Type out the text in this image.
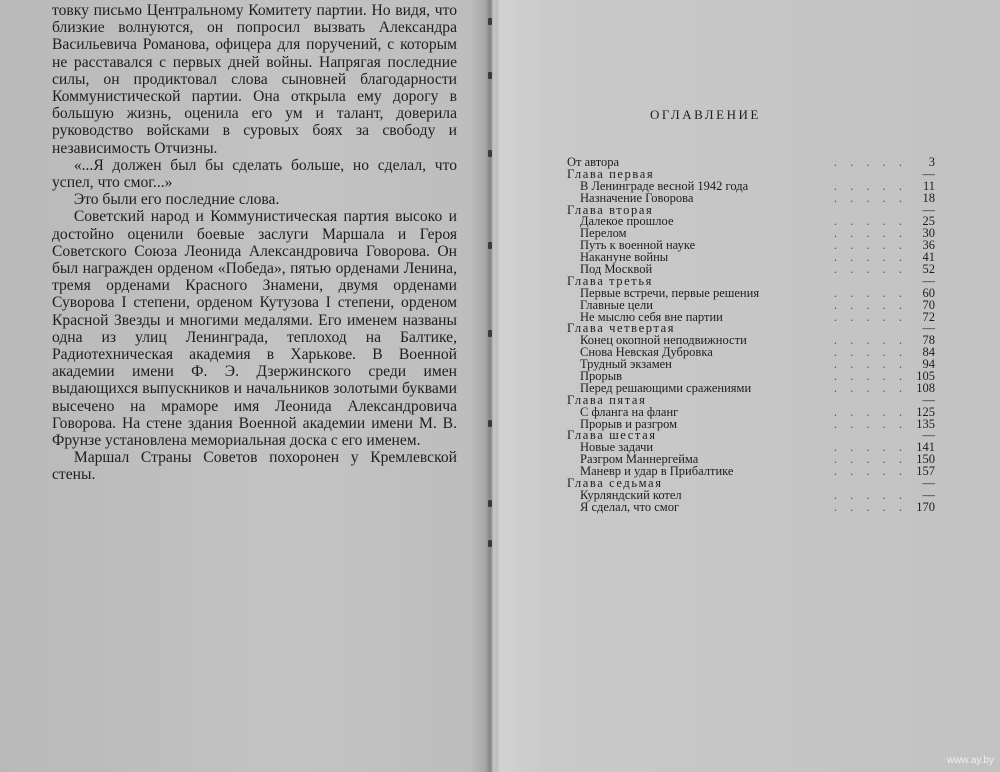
товку письмо Центральному Комитету партии. Но видя, что близкие волнуются, он попросил вызвать Александра Васильевича Романова, офицера для поручений, с которым не расставался с первых дней войны. Напрягая последние силы, он продиктовал слова сыновней благодарности Коммунистической партии. Она открыла ему дорогу в большую жизнь, оценила его ум и талант, доверила руководство войсками в суровых боях за свободу и независимость Отчизны.

«...Я должен был бы сделать больше, но сделал, что успел, что смог...»

Это были его последние слова.

Советский народ и Коммунистическая партия высоко и достойно оценили боевые заслуги Маршала и Героя Советского Союза Леонида Александровича Говорова. Он был награжден орденом «Победа», пятью орденами Ленина, тремя орденами Красного Знамени, двумя орденами Суворова I степени, орденом Кутузова I степени, орденом Красной Звезды и многими медалями. Его именем названы одна из улиц Ленинграда, теплоход на Балтике, Радиотехническая академия в Харькове. В Военной академии имени Ф. Э. Дзержинского среди имен выдающихся выпускников и начальников золотыми буквами высечено на мраморе имя Леонида Александровича Говорова. На стене здания Военной академии имени М. В. Фрунзе установлена мемориальная доска с его именем.

Маршал Страны Советов похоронен у Кремлевской стены.

ОГЛАВЛЕНИЕ
От автора	. . . . .	3
Глава первая	—
В Ленинграде весной 1942 года	. . . . .	11
Назначение Говорова	. . . . .	18
Глава вторая	—
Далекое прошлое	. . . . .	25
Перелом	. . . . .	30
Путь к военной науке	. . . . .	36
Накануне войны	. . . . .	41
Под Москвой	. . . . .	52
Глава третья	—
Первые встречи, первые решения	. . . . .	60
Главные цели	. . . . .	70
Не мыслю себя вне партии	. . . . .	72
Глава четвертая	—
Конец окопной неподвижности	. . . . .	78
Снова Невская Дубровка	. . . . .	84
Трудный экзамен	. . . . .	94
Прорыв	. . . . . 105
Перед решающими сражениями	. . . . . 108
Глава пятая	—
С фланга на фланг	. . . . . 125
Прорыв и разгром	. . . . . 135
Глава шестая	—
Новые задачи	. . . . . 141
Разгром Маннергейма	. . . . . 150
Маневр и удар в Прибалтике	. . . . . 157
Глава седьмая	—
Курляндский котел	. . . . .	—
Я сделал, что смог	. . . . . 170
www.ay.by
